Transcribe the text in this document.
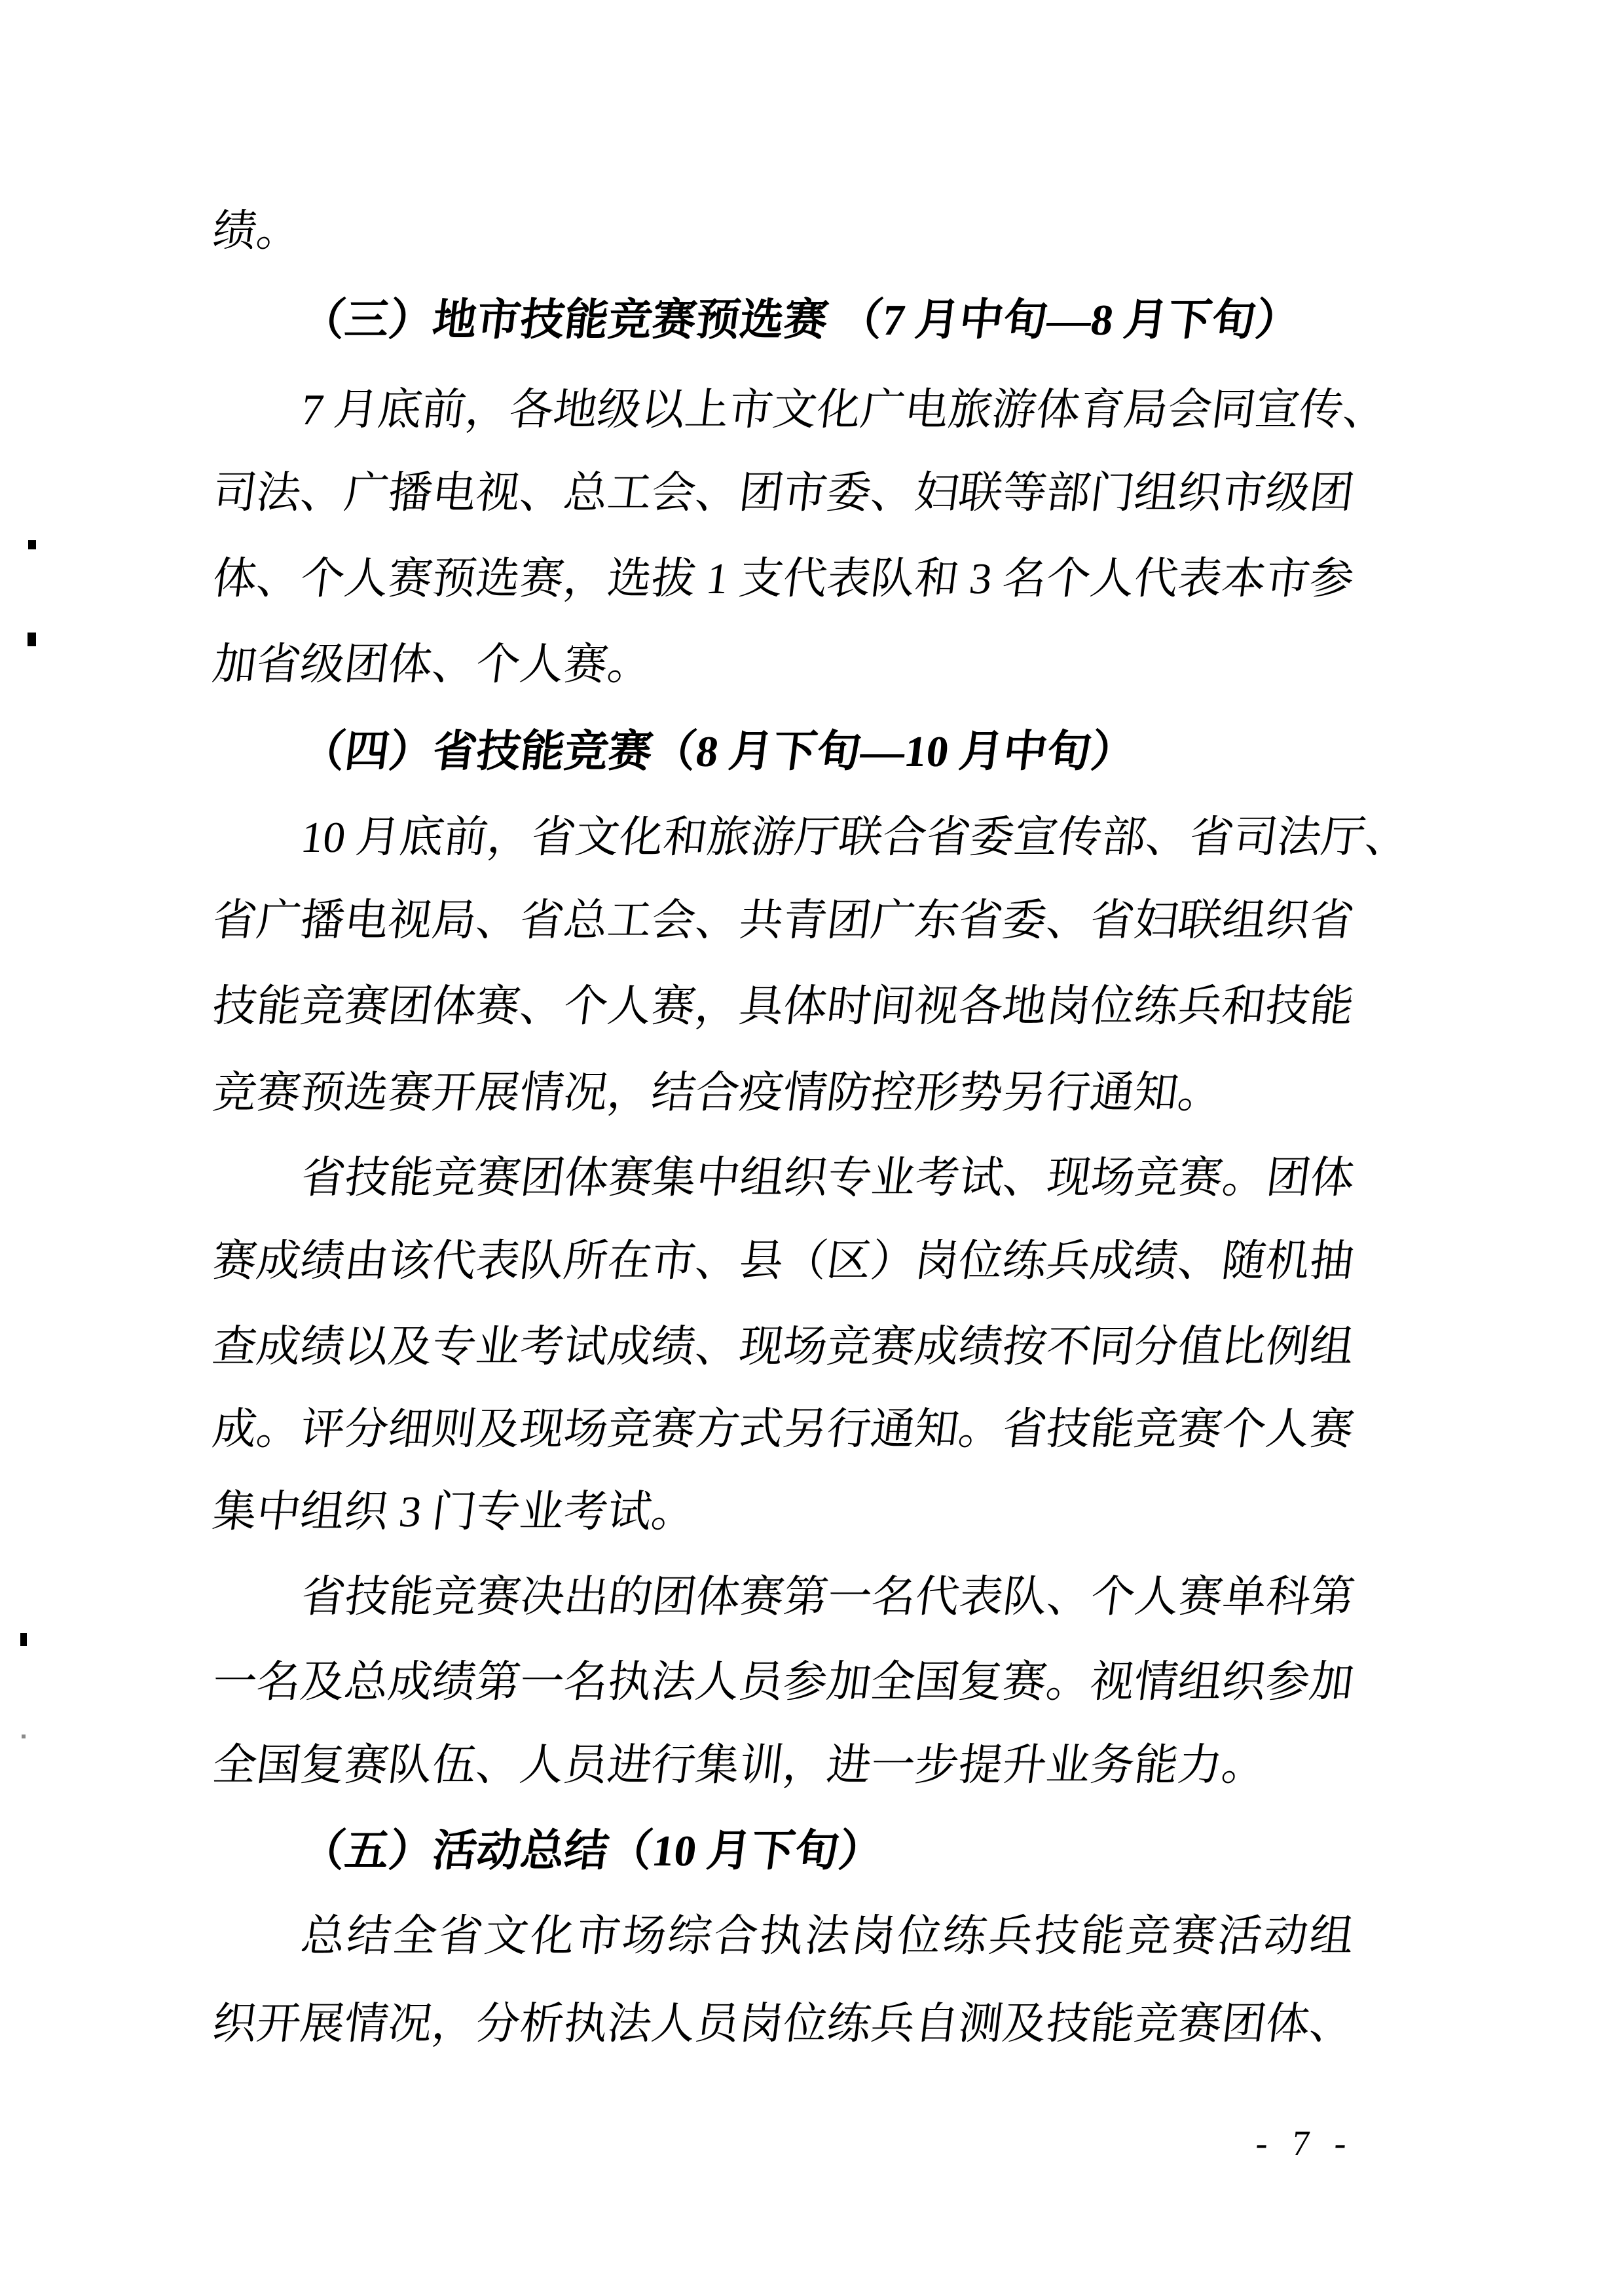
绩。
（三）地市技能竞赛预选赛 （7 月中旬—8 月下旬）
7 月底前，各地级以上市文化广电旅游体育局会同宣传、
司法、广播电视、总工会、团市委、妇联等部门组织市级团
体、个人赛预选赛，选拔 1 支代表队和 3 名个人代表本市参
加省级团体、个人赛。
（四）省技能竞赛（8 月下旬—10 月中旬）
10 月底前，省文化和旅游厅联合省委宣传部、省司法厅、
省广播电视局、省总工会、共青团广东省委、省妇联组织省
技能竞赛团体赛、个人赛，具体时间视各地岗位练兵和技能
竞赛预选赛开展情况，结合疫情防控形势另行通知。
省技能竞赛团体赛集中组织专业考试、现场竞赛。团体
赛成绩由该代表队所在市、县（区）岗位练兵成绩、随机抽
查成绩以及专业考试成绩、现场竞赛成绩按不同分值比例组
成。评分细则及现场竞赛方式另行通知。省技能竞赛个人赛
集中组织 3 门专业考试。
省技能竞赛决出的团体赛第一名代表队、个人赛单科第
一名及总成绩第一名执法人员参加全国复赛。视情组织参加
全国复赛队伍、人员进行集训，进一步提升业务能力。
（五）活动总结（10 月下旬）
总结全省文化市场综合执法岗位练兵技能竞赛活动组
织开展情况，分析执法人员岗位练兵自测及技能竞赛团体、
- 7 -
